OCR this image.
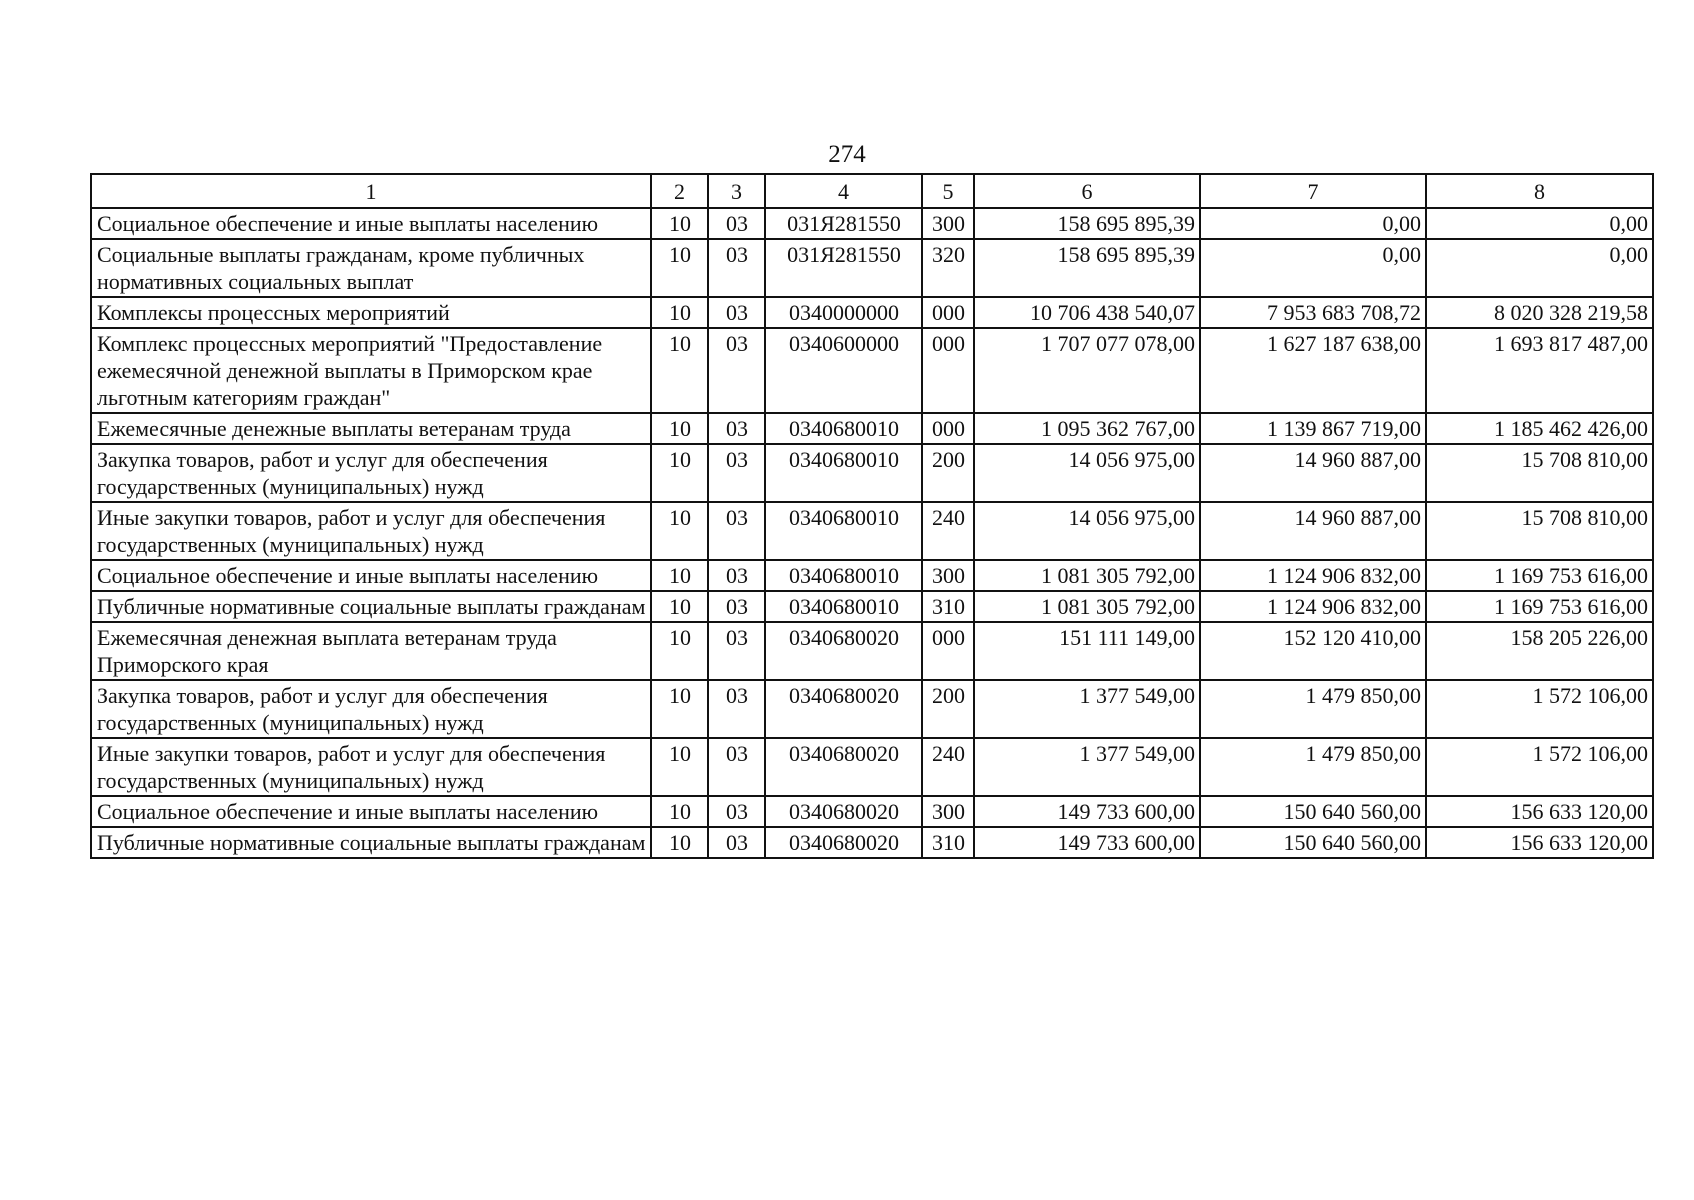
274
1	2	3	4	5	6	7	8
Социальное обеспечение и иные выплаты населению	10	03	031Я281550	300	158 695 895,39	0,00	0,00
Социальные выплаты гражданам, кроме публичных нормативных социальных выплат	10	03	031Я281550	320	158 695 895,39	0,00	0,00
Комплексы процессных мероприятий	10	03	0340000000	000	10 706 438 540,07	7 953 683 708,72	8 020 328 219,58
Комплекс процессных мероприятий "Предоставление ежемесячной денежной выплаты в Приморском крае льготным категориям граждан"	10	03	0340600000	000	1 707 077 078,00	1 627 187 638,00	1 693 817 487,00
Ежемесячные денежные выплаты ветеранам труда	10	03	0340680010	000	1 095 362 767,00	1 139 867 719,00	1 185 462 426,00
Закупка товаров, работ и услуг для обеспечения государственных (муниципальных) нужд	10	03	0340680010	200	14 056 975,00	14 960 887,00	15 708 810,00
Иные закупки товаров, работ и услуг для обеспечения государственных (муниципальных) нужд	10	03	0340680010	240	14 056 975,00	14 960 887,00	15 708 810,00
Социальное обеспечение и иные выплаты населению	10	03	0340680010	300	1 081 305 792,00	1 124 906 832,00	1 169 753 616,00
Публичные нормативные социальные выплаты гражданам	10	03	0340680010	310	1 081 305 792,00	1 124 906 832,00	1 169 753 616,00
Ежемесячная денежная выплата ветеранам труда Приморского края	10	03	0340680020	000	151 111 149,00	152 120 410,00	158 205 226,00
Закупка товаров, работ и услуг для обеспечения государственных (муниципальных) нужд	10	03	0340680020	200	1 377 549,00	1 479 850,00	1 572 106,00
Иные закупки товаров, работ и услуг для обеспечения государственных (муниципальных) нужд	10	03	0340680020	240	1 377 549,00	1 479 850,00	1 572 106,00
Социальное обеспечение и иные выплаты населению	10	03	0340680020	300	149 733 600,00	150 640 560,00	156 633 120,00
Публичные нормативные социальные выплаты гражданам	10	03	0340680020	310	149 733 600,00	150 640 560,00	156 633 120,00
